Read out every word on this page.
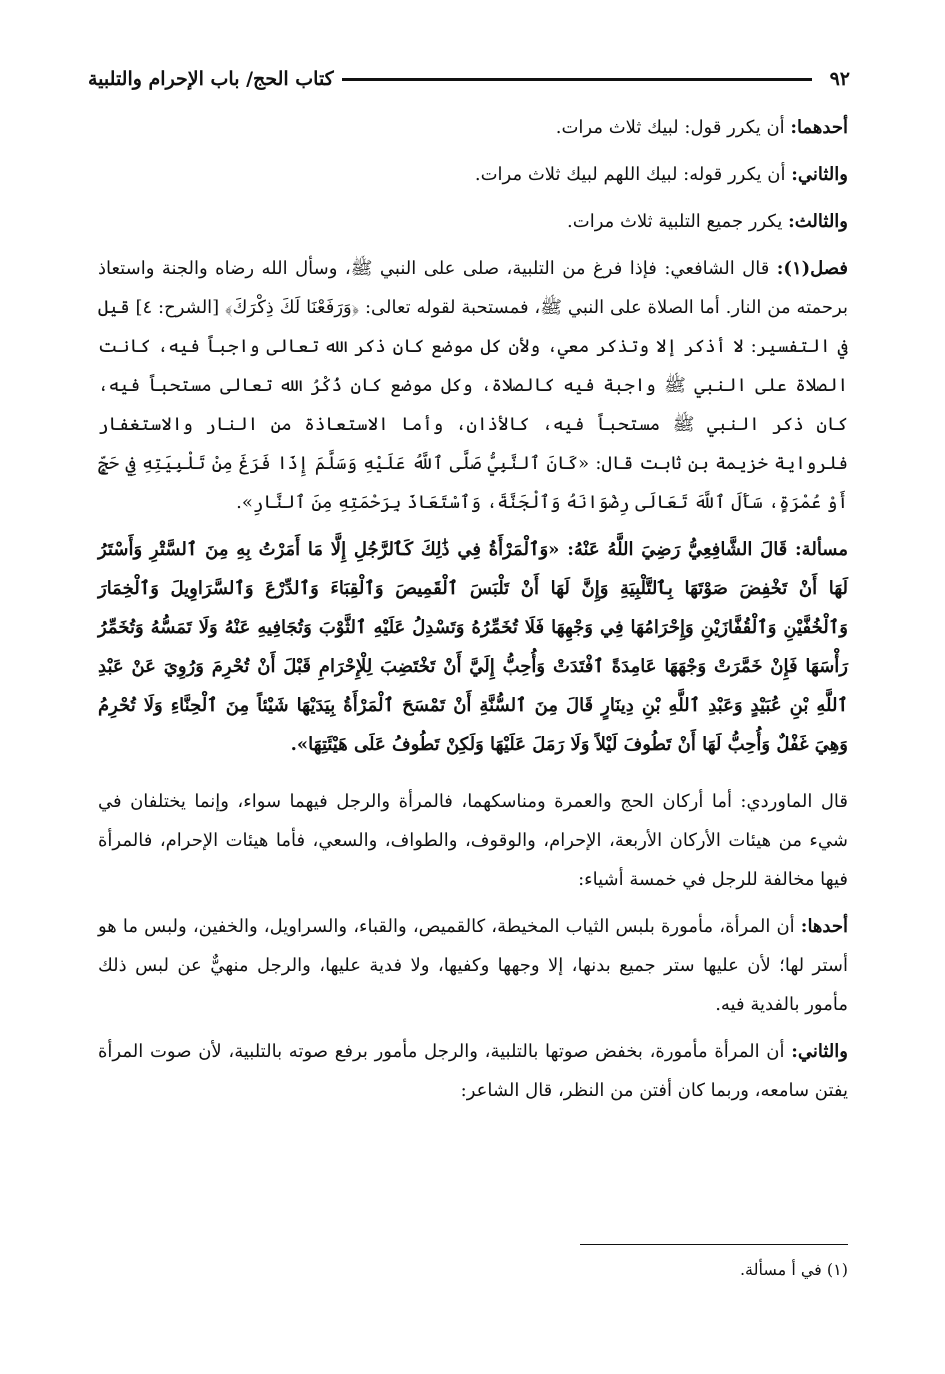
٩٢
كتاب الحج/ باب الإحرام والتلبية

أحدهما: أن يكرر قول: لبيك ثلاث مرات.

والثاني: أن يكرر قوله: لبيك اللهم لبيك ثلاث مرات.

والثالث: يكرر جميع التلبية ثلاث مرات.

فصل(١): قال الشافعي: فإذا فرغ من التلبية، صلى على النبي ﷺ، وسأل الله رضاه والجنة واستعاذ برحمته من النار. أما الصلاة على النبي ﷺ، فمستحبة لقوله تعالى: ﴿وَرَفَعْنَا لَكَ ذِكْرَكَ﴾ [الشرح: ٤] قيل في التفسير: لا أذكر إلا وتذكر معي، ولأن كل موضع كان ذكر الله تعالى واجباً فيه، كانت الصلاة على النبي ﷺ واجبة فيه كالصلاة، وكل موضع كان ذُكْرُ الله تعالى مستحباً فيه، كان ذكر النبي ﷺ مستحباً فيه، كالأذان، وأما الاستعاذة من النار والاستغفار فلرواية خزيمة بن ثابت قال: «كَانَ ٱلنَّبِيُّ صَلَّى ٱللَّهُ عَلَيْهِ وَسَلَّمَ إِذَا فَرَغَ مِنْ تَلْبِيَتِهِ فِي حَجٍّ أَوْ عُمْرَةٍ، سَأَلَ ٱللَّهَ تَعَالَى رِضْوَانَهُ وَٱلْجَنَّةَ، وَٱسْتَعَاذَ بِرَحْمَتِهِ مِنَ ٱلنَّارِ».

مسألة: قَالَ الشَّافِعِيُّ رَضِيَ اللَّهُ عَنْهُ: «وَٱلْمَرْأَةُ فِي ذَٰلِكَ كَٱلرَّجُلِ إِلَّا مَا أَمَرْتُ بِهِ مِنَ ٱلسَّتْرِ وَأَسْتَرُ لَهَا أَنْ تَخْفِضَ صَوْتَهَا بِٱلتَّلْبِيَةِ وَإِنَّ لَهَا أَنْ تَلْبَسَ ٱلْقَمِيصَ وَٱلْقِبَاءَ وَٱلدِّرْعَ وَٱلسَّرَاوِيلَ وَٱلْخِمَارَ وَٱلْخُفَّيْنِ وَٱلْقُفَّازَيْنِ وَإِحْرَامُهَا فِي وَجْهِهَا فَلَا تُخَمِّرُهُ وَتَسْدِلُ عَلَيْهِ ٱلثَّوْبَ وَتُجَافِيهِ عَنْهُ وَلَا تَمَسُّهُ وَتُخَمِّرُ رَأْسَهَا فَإِنْ خَمَّرَتْ وَجْهَهَا عَامِدَةً ٱفْتَدَتْ وَأُحِبُّ إِلَيَّ أَنْ تَخْتَضِبَ لِلْإِحْرَامِ قَبْلَ أَنْ تُحْرِمَ وَرُوِيَ عَنْ عَبْدِ ٱللَّهِ بْنِ عُبَيْدٍ وَعَبْدِ ٱللَّهِ بْنِ دِينَارٍ قَالَ مِنَ ٱلسُّنَّةِ أَنْ تَمْسَحَ ٱلْمَرْأَةُ بِيَدَيْهَا شَيْئاً مِنَ ٱلْحِنَّاءِ وَلَا تُحْرِمُ وَهِيَ غَفْلٌ وَأُحِبُّ لَهَا أَنْ تَطُوفَ لَيْلاً وَلَا رَمَلَ عَلَيْهَا وَلَكِنْ تَطُوفُ عَلَى هَيْئَتِهَا».

قال الماوردي: أما أركان الحج والعمرة ومناسكهما، فالمرأة والرجل فيهما سواء، وإنما يختلفان في شيء من هيئات الأركان الأربعة، الإحرام، والوقوف، والطواف، والسعي، فأما هيئات الإحرام، فالمرأة فيها مخالفة للرجل في خمسة أشياء:

أحدها: أن المرأة، مأمورة بلبس الثياب المخيطة، كالقميص، والقباء، والسراويل، والخفين، ولبس ما هو أستر لها؛ لأن عليها ستر جميع بدنها، إلا وجهها وكفيها، ولا فدية عليها، والرجل منهيٌّ عن لبس ذلك مأمور بالفدية فيه.

والثاني: أن المرأة مأمورة، بخفض صوتها بالتلبية، والرجل مأمور برفع صوته بالتلبية، لأن صوت المرأة يفتن سامعه، وربما كان أفتن من النظر، قال الشاعر:

(١) في أ مسألة.
